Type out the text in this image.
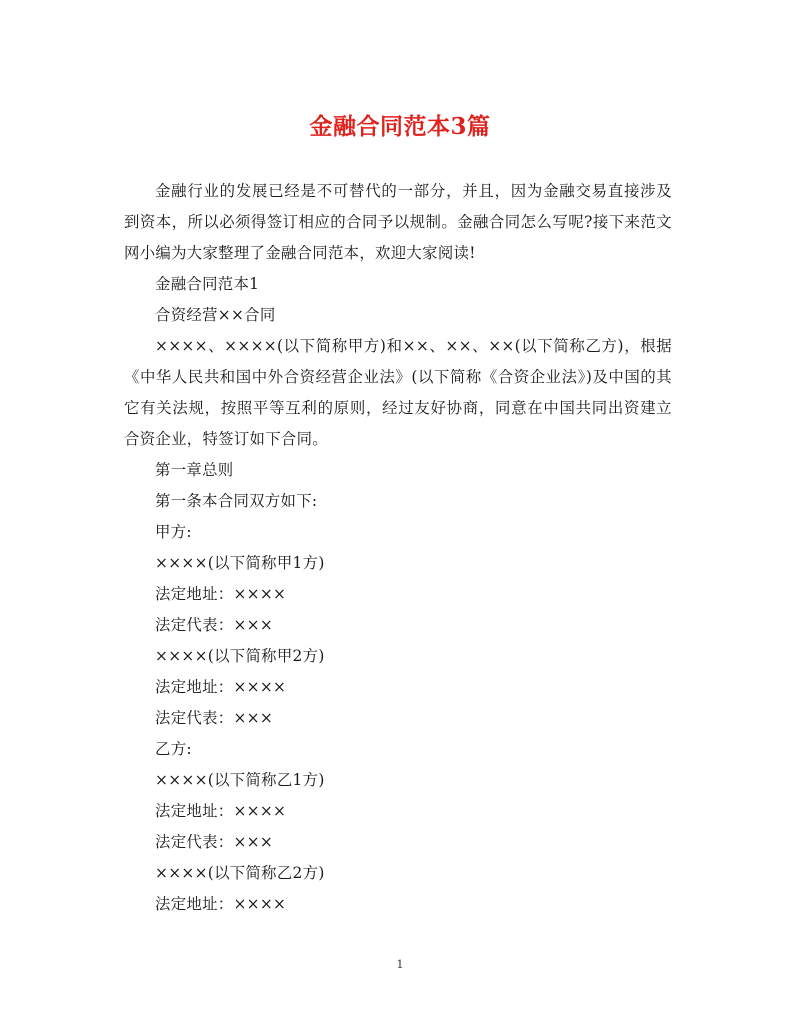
金融合同范本3篇

金融行业的发展已经是不可替代的一部分，并且，因为金融交易直接涉及到资本，所以必须得签订相应的合同予以规制。金融合同怎么写呢?接下来范文网小编为大家整理了金融合同范本，欢迎大家阅读!

金融合同范本1

合资经营××合同

××××、××××(以下简称甲方)和××、××、××(以下简称乙方)，根据《中华人民共和国中外合资经营企业法》(以下简称《合资企业法》)及中国的其它有关法规，按照平等互利的原则，经过友好协商，同意在中国共同出资建立合资企业，特签订如下合同。

第一章总则

第一条本合同双方如下:

甲方:

××××(以下简称甲1方)

法定地址：××××

法定代表：×××

××××(以下简称甲2方)

法定地址：××××

法定代表：×××

乙方:

××××(以下简称乙1方)

法定地址：××××

法定代表：×××

××××(以下简称乙2方)

法定地址：××××

1
